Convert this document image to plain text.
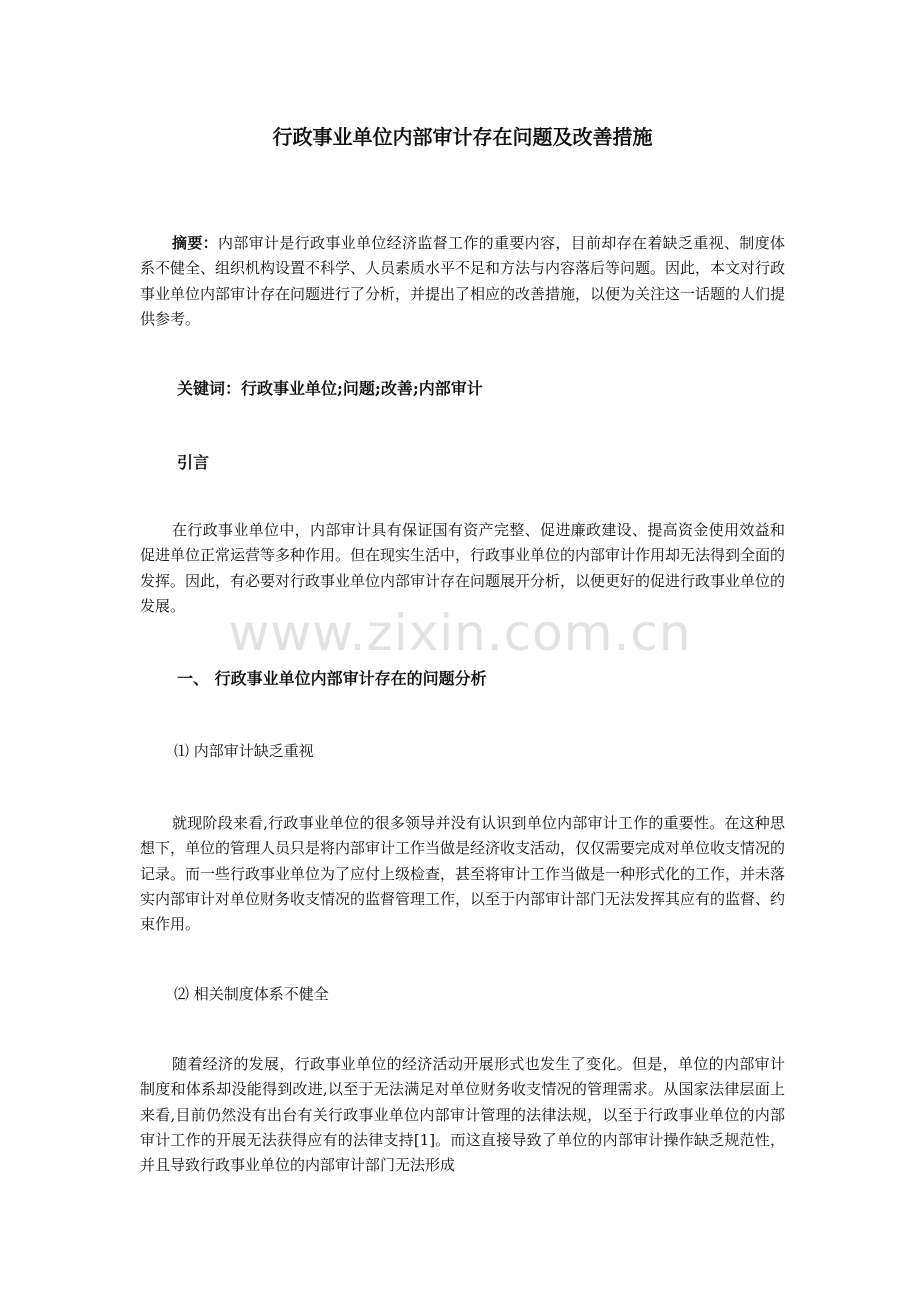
行政事业单位内部审计存在问题及改善措施

摘要：内部审计是行政事业单位经济监督工作的重要内容，目前却存在着缺乏重视、制度体系不健全、组织机构设置不科学、人员素质水平不足和方法与内容落后等问题。因此，本文对行政事业单位内部审计存在问题进行了分析，并提出了相应的改善措施，以便为关注这一话题的人们提供参考。

关键词：行政事业单位;问题;改善;内部审计

引言

在行政事业单位中，内部审计具有保证国有资产完整、促进廉政建设、提高资金使用效益和促进单位正常运营等多种作用。但在现实生活中，行政事业单位的内部审计作用却无法得到全面的发挥。因此，有必要对行政事业单位内部审计存在问题展开分析，以便更好的促进行政事业单位的发展。

一、 行政事业单位内部审计存在的问题分析

⑴ 内部审计缺乏重视

就现阶段来看,行政事业单位的很多领导并没有认识到单位内部审计工作的重要性。在这种思想下，单位的管理人员只是将内部审计工作当做是经济收支活动，仅仅需要完成对单位收支情况的记录。而一些行政事业单位为了应付上级检查，甚至将审计工作当做是一种形式化的工作，并未落实内部审计对单位财务收支情况的监督管理工作，以至于内部审计部门无法发挥其应有的监督、约束作用。

⑵ 相关制度体系不健全

随着经济的发展，行政事业单位的经济活动开展形式也发生了变化。但是，单位的内部审计制度和体系却没能得到改进,以至于无法满足对单位财务收支情况的管理需求。从国家法律层面上来看,目前仍然没有出台有关行政事业单位内部审计管理的法律法规，以至于行政事业单位的内部审计工作的开展无法获得应有的法律支持[1]。而这直接导致了单位的内部审计操作缺乏规范性，并且导致行政事业单位的内部审计部门无法形成

www.zixin.com.cn
